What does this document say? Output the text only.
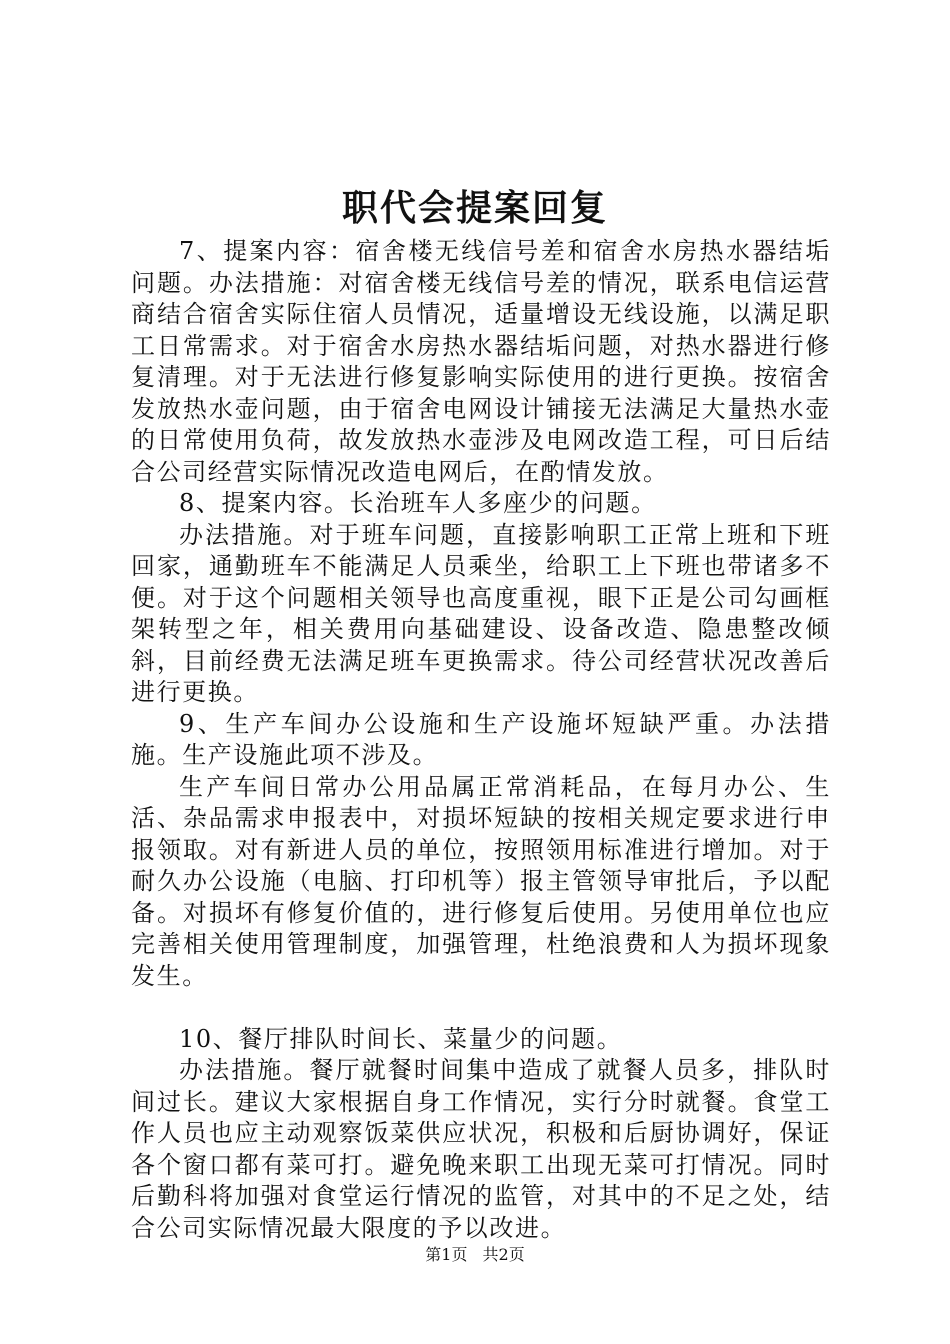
职代会提案回复

7、提案内容：宿舍楼无线信号差和宿舍水房热水器结垢问题。办法措施：对宿舍楼无线信号差的情况，联系电信运营商结合宿舍实际住宿人员情况，适量增设无线设施，以满足职工日常需求。对于宿舍水房热水器结垢问题，对热水器进行修复清理。对于无法进行修复影响实际使用的进行更换。按宿舍发放热水壶问题，由于宿舍电网设计铺接无法满足大量热水壶的日常使用负荷，故发放热水壶涉及电网改造工程，可日后结合公司经营实际情况改造电网后，在酌情发放。

8、提案内容。长治班车人多座少的问题。

办法措施。对于班车问题，直接影响职工正常上班和下班回家，通勤班车不能满足人员乘坐，给职工上下班也带诸多不便。对于这个问题相关领导也高度重视，眼下正是公司勾画框架转型之年，相关费用向基础建设、设备改造、隐患整改倾斜，目前经费无法满足班车更换需求。待公司经营状况改善后进行更换。

9、生产车间办公设施和生产设施坏短缺严重。办法措施。生产设施此项不涉及。

生产车间日常办公用品属正常消耗品，在每月办公、生活、杂品需求申报表中，对损坏短缺的按相关规定要求进行申报领取。对有新进人员的单位，按照领用标准进行增加。对于耐久办公设施（电脑、打印机等）报主管领导审批后，予以配备。对损坏有修复价值的，进行修复后使用。另使用单位也应完善相关使用管理制度，加强管理，杜绝浪费和人为损坏现象发生。

10、餐厅排队时间长、菜量少的问题。

办法措施。餐厅就餐时间集中造成了就餐人员多，排队时间过长。建议大家根据自身工作情况，实行分时就餐。食堂工作人员也应主动观察饭菜供应状况，积极和后厨协调好，保证各个窗口都有菜可打。避免晚来职工出现无菜可打情况。同时后勤科将加强对食堂运行情况的监管，对其中的不足之处，结合公司实际情况最大限度的予以改进。

第1页 共2页
